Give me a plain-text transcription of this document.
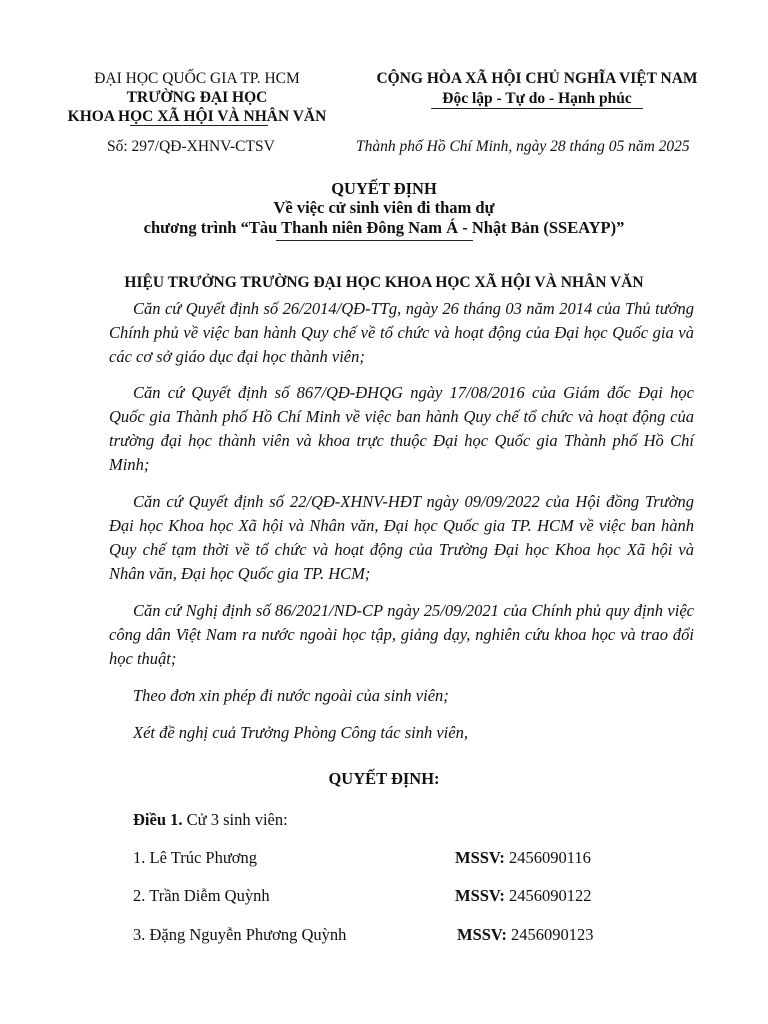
ĐẠI HỌC QUỐC GIA TP. HCM
TRƯỜNG ĐẠI HỌC
KHOA HỌC XÃ HỘI VÀ NHÂN VĂN
CỘNG HÒA XÃ HỘI CHỦ NGHĨA VIỆT NAM
Độc lập - Tự do - Hạnh phúc
Số: 297/QĐ-XHNV-CTSV	Thành phố Hồ Chí Minh, ngày 28 tháng 05 năm 2025
QUYẾT ĐỊNH
Về việc cử sinh viên đi tham dự
chương trình “Tàu Thanh niên Đông Nam Á - Nhật Bản (SSEAYP)”
HIỆU TRƯỞNG TRƯỜNG ĐẠI HỌC KHOA HỌC XÃ HỘI VÀ NHÂN VĂN
Căn cứ Quyết định số 26/2014/QĐ-TTg, ngày 26 tháng 03 năm 2014 của Thủ tướng Chính phủ về việc ban hành Quy chế về tổ chức và hoạt động của Đại học Quốc gia và các cơ sở giáo dục đại học thành viên;
Căn cứ Quyết định số 867/QĐ-ĐHQG ngày 17/08/2016 của Giám đốc Đại học Quốc gia Thành phố Hồ Chí Minh về việc ban hành Quy chế tổ chức và hoạt động của trường đại học thành viên và khoa trực thuộc Đại học Quốc gia Thành phố Hồ Chí Minh;
Căn cứ Quyết định số 22/QĐ-XHNV-HĐT ngày 09/09/2022 của Hội đồng Trường Đại học Khoa học Xã hội và Nhân văn, Đại học Quốc gia TP. HCM về việc ban hành Quy chế tạm thời về tổ chức và hoạt động của Trường Đại học Khoa học Xã hội và Nhân văn, Đại học Quốc gia TP. HCM;
Căn cứ Nghị định số 86/2021/ND-CP ngày 25/09/2021 của Chính phủ quy định việc công dân Việt Nam ra nước ngoài học tập, giảng dạy, nghiên cứu khoa học và trao đổi học thuật;
Theo đơn xin phép đi nước ngoài của sinh viên;
Xét đề nghị cuả Trưởng Phòng Công tác sinh viên,
QUYẾT ĐỊNH:
Điều 1. Cử 3 sinh viên:
1. Lê Trúc Phương	MSSV: 2456090116
2. Trần Diễm Quỳnh	MSSV: 2456090122
3. Đặng Nguyễn Phương Quỳnh	MSSV: 2456090123
